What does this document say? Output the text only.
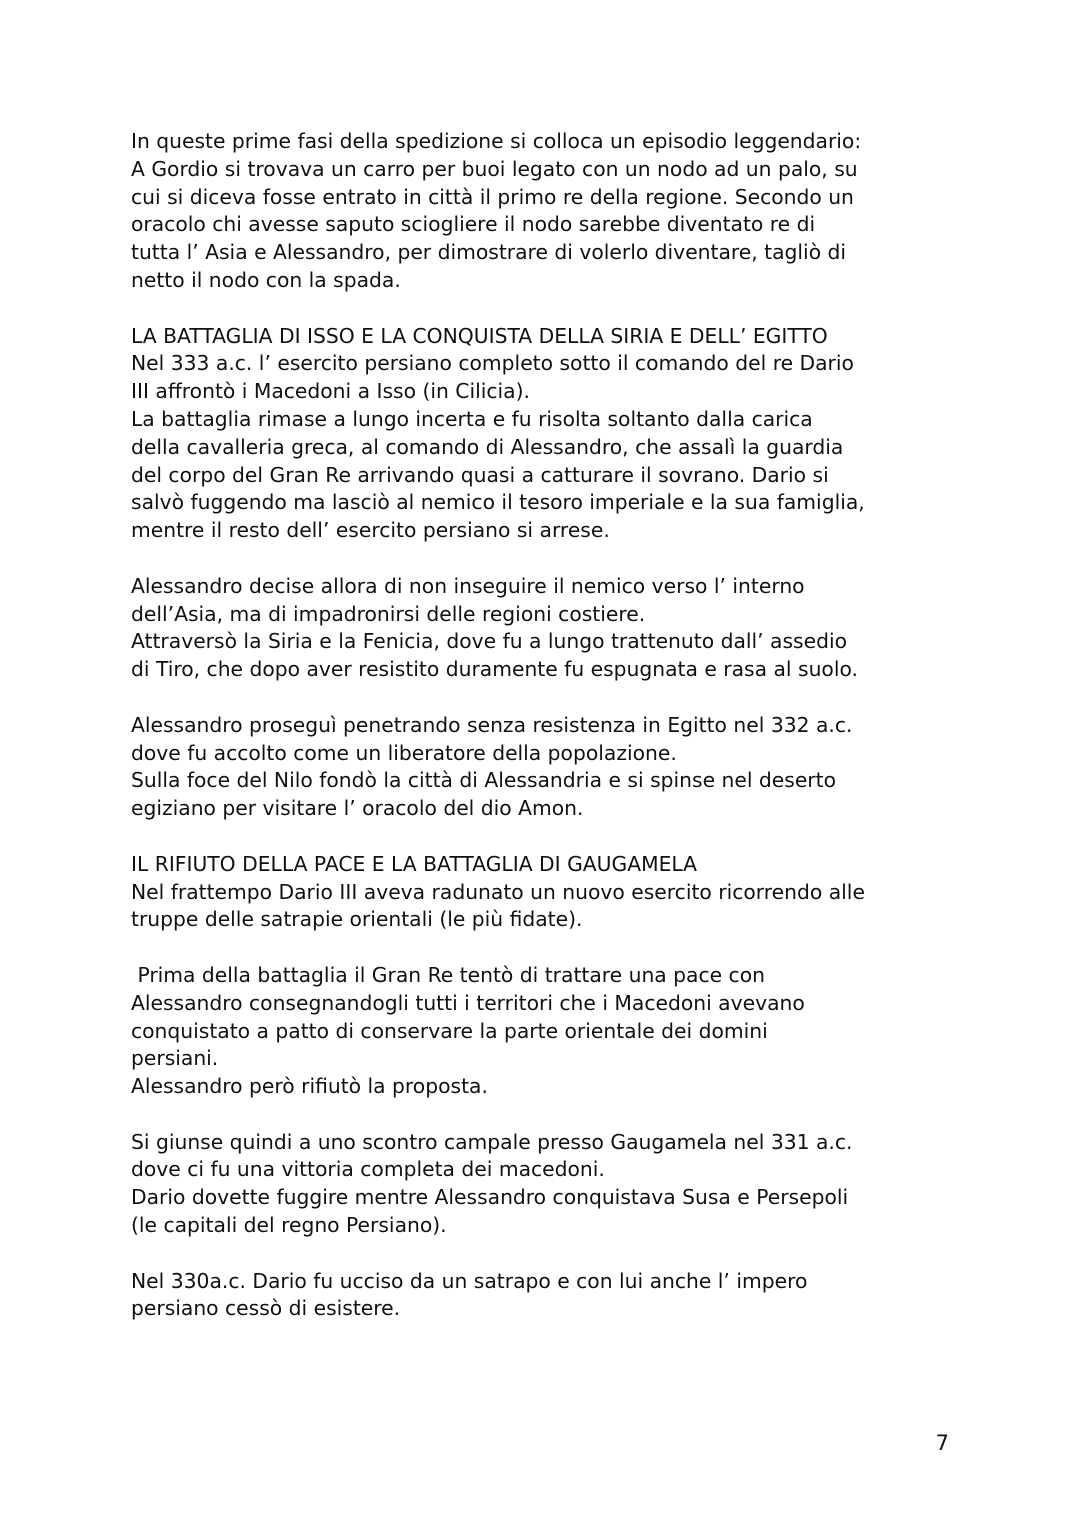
In queste prime fasi della spedizione si colloca un episodio leggendario:
A Gordio si trovava un carro per buoi legato con un nodo ad un palo, su
cui si diceva fosse entrato in città il primo re della regione. Secondo un
oracolo chi avesse saputo sciogliere il nodo sarebbe diventato re di
tutta l’ Asia e Alessandro, per dimostrare di volerlo diventare, tagliò di
netto il nodo con la spada.

LA BATTAGLIA DI ISSO E LA CONQUISTA DELLA SIRIA E DELL’ EGITTO
Nel 333 a.c. l’ esercito persiano completo sotto il comando del re Dario
III affrontò i Macedoni a Isso (in Cilicia).
La battaglia rimase a lungo incerta e fu risolta soltanto dalla carica
della cavalleria greca, al comando di Alessandro, che assalì la guardia
del corpo del Gran Re arrivando quasi a catturare il sovrano. Dario si
salvò fuggendo ma lasciò al nemico il tesoro imperiale e la sua famiglia,
mentre il resto dell’ esercito persiano si arrese.

Alessandro decise allora di non inseguire il nemico verso l’ interno
dell’Asia, ma di impadronirsi delle regioni costiere.
Attraversò la Siria e la Fenicia, dove fu a lungo trattenuto dall’ assedio
di Tiro, che dopo aver resistito duramente fu espugnata e rasa al suolo.

Alessandro proseguì penetrando senza resistenza in Egitto nel 332 a.c.
dove fu accolto come un liberatore della popolazione.
Sulla foce del Nilo fondò la città di Alessandria e si spinse nel deserto
egiziano per visitare l’ oracolo del dio Amon.

IL RIFIUTO DELLA PACE E LA BATTAGLIA DI GAUGAMELA
Nel frattempo Dario III aveva radunato un nuovo esercito ricorrendo alle
truppe delle satrapie orientali (le più fidate).

Prima della battaglia il Gran Re tentò di trattare una pace con
Alessandro consegnandogli tutti i territori che i Macedoni avevano
conquistato a patto di conservare la parte orientale dei domini
persiani.
Alessandro però rifiutò la proposta.

Si giunse quindi a uno scontro campale presso Gaugamela nel 331 a.c.
dove ci fu una vittoria completa dei macedoni.
Dario dovette fuggire mentre Alessandro conquistava Susa e Persepoli
(le capitali del regno Persiano).

Nel 330a.c. Dario fu ucciso da un satrapo e con lui anche l’ impero
persiano cessò di esistere.

7
